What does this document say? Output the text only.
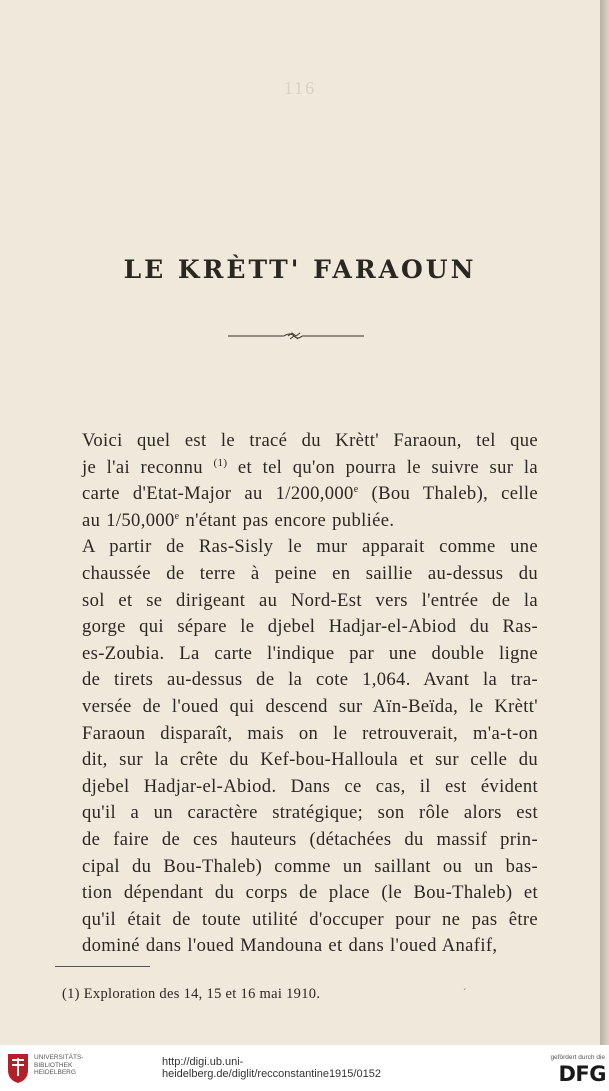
116
LE KRÈTT' FARAOUN

Voici quel est le tracé du Krètt' Faraoun, tel que
je l'ai reconnu $^{(1)}$ et tel qu'on pourra le suivre sur la
carte d'Etat-Major au 1/200,000e (Bou Thaleb), celle
au 1/50,000e n'étant pas encore publiée.

A partir de Ras-Sisly le mur apparait comme une
chaussée de terre à peine en saillie au-dessus du
sol et se dirigeant au Nord-Est vers l'entrée de la
gorge qui sépare le djebel Hadjar-el-Abiod du Ras-
es-Zoubia. La carte l'indique par une double ligne
de tirets au-dessus de la cote 1,064. Avant la tra-
versée de l'oued qui descend sur Aïn-Beïda, le Krètt'
Faraoun disparaît, mais on le retrouverait, m'a-t-on
dit, sur la crête du Kef-bou-Halloula et sur celle du
djebel Hadjar-el-Abiod. Dans ce cas, il est évident
qu'il a un caractère stratégique; son rôle alors est
de faire de ces hauteurs (détachées du massif prin-
cipal du Bou-Thaleb) comme un saillant ou un bas-
tion dépendant du corps de place (le Bou-Thaleb) et
qu'il était de toute utilité d'occuper pour ne pas être
dominé dans l'oued Mandouna et dans l'oued Anafif,

(1) Exploration des 14, 15 et 16 mai 1910.	ˊ
UNIVERSITÄTS-
BIBLIOTHEK
HEIDELBERG
http://digi.ub.uni-heidelberg.de/diglit/recconstantine1915/0152
gefördert durch die
DFG
